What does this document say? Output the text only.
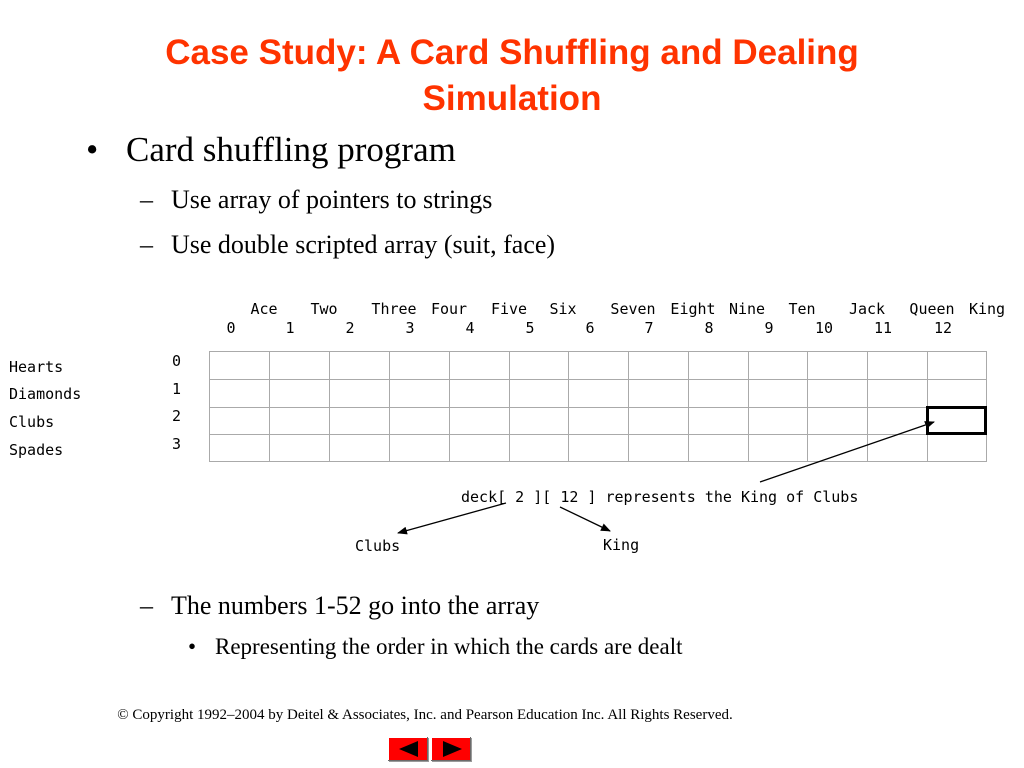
Case Study: A Card Shuffling and Dealing
Simulation
• Card shuffling program
– Use array of pointers to strings
– Use double scripted array (suit, face)
Ace	Two	Three Four	Five	Six	Seven Eight Nine	Ten	Jack	Queen King
0	1	2	3	4	5	6	7	8	9	10	11	12
Hearts
Diamonds
Clubs
Spades
0
1
2
3
deck[ 2 ][ 12 ] represents the King of Clubs
Clubs	King
– The numbers 1-52 go into the array
• Representing the order in which the cards are dealt
© Copyright 1992–2004 by Deitel & Associates, Inc. and Pearson Education Inc. All Rights Reserved.
